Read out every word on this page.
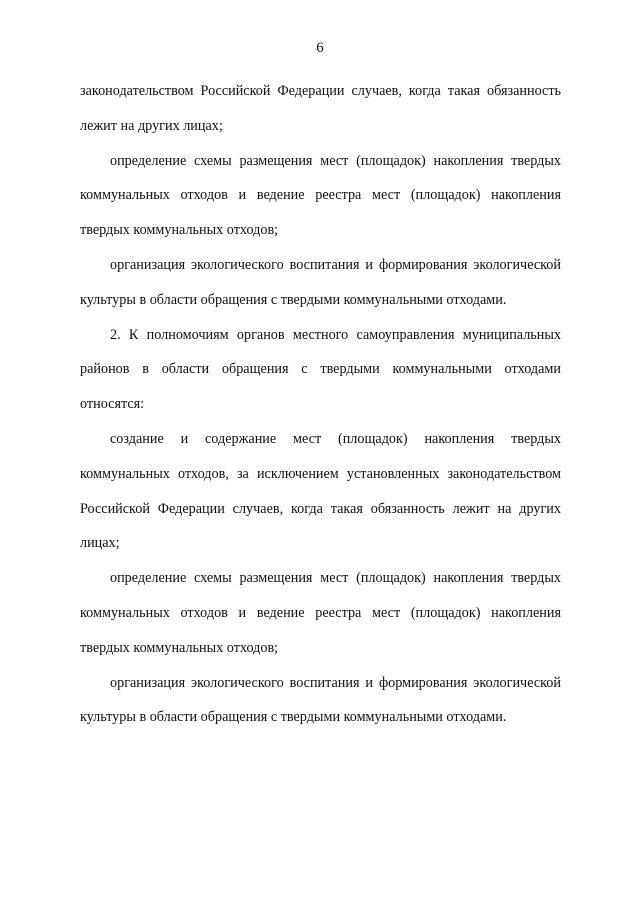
6

законодательством Российской Федерации случаев, когда такая обязанность лежит на других лицах;

определение схемы размещения мест (площадок) накопления твердых коммунальных отходов и ведение реестра мест (площадок) накопления твердых коммунальных отходов;

организация экологического воспитания и формирования экологической культуры в области обращения с твердыми коммунальными отходами.

2. К полномочиям органов местного самоуправления муниципальных районов в области обращения с твердыми коммунальными отходами относятся:

создание и содержание мест (площадок) накопления твердых коммунальных отходов, за исключением установленных законодательством Российской Федерации случаев, когда такая обязанность лежит на других лицах;

определение схемы размещения мест (площадок) накопления твердых коммунальных отходов и ведение реестра мест (площадок) накопления твердых коммунальных отходов;

организация экологического воспитания и формирования экологической культуры в области обращения с твердыми коммунальными отходами.
